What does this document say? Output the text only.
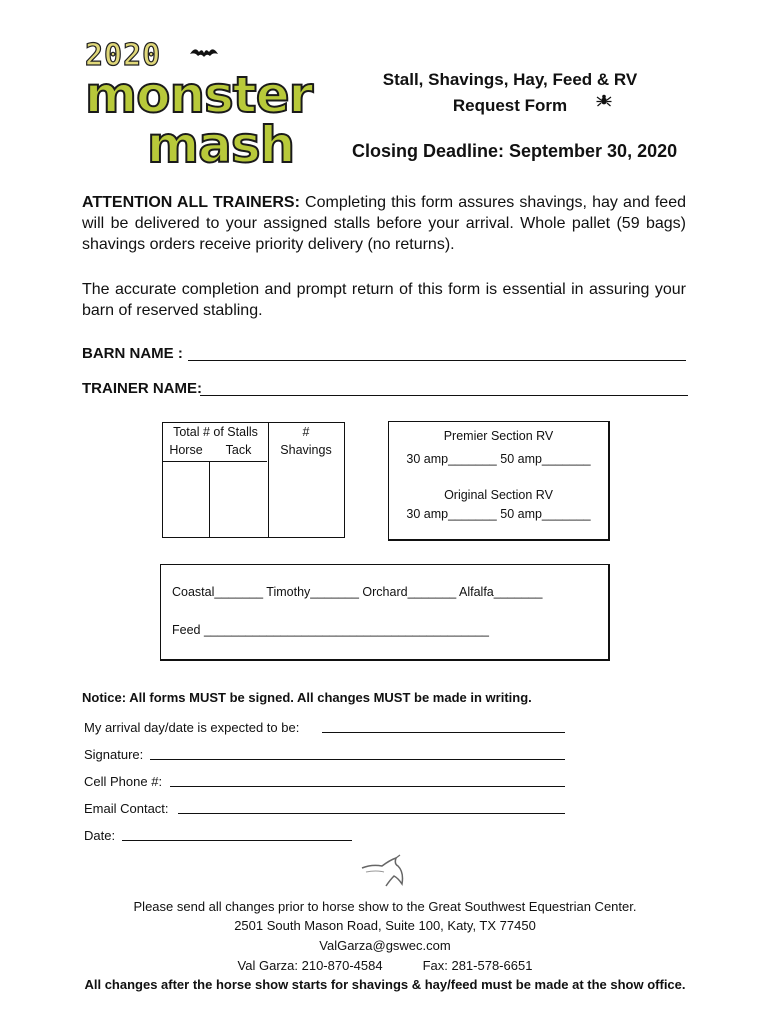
2020
monster
mash
Stall, Shavings, Hay, Feed & RV
Request Form
Closing Deadline: September 30, 2020
ATTENTION ALL TRAINERS: Completing this form assures shavings, hay and feed will be delivered to your assigned stalls before your arrival. Whole pallet (59 bags) shavings orders receive priority delivery (no returns).
The accurate completion and prompt return of this form is essential in assuring your barn of reserved stabling.
BARN NAME :
TRAINER NAME:
Total # of Stalls
Horse	Tack
#
Shavings
Premier Section RV
30 amp_______ 50 amp_______
Original Section RV
30 amp_______ 50 amp_______
Coastal_______ Timothy_______ Orchard_______ Alfalfa_______
Feed _________________________________________
Notice: All forms MUST be signed. All changes MUST be made in writing.
My arrival day/date is expected to be:
Signature:
Cell Phone #:
Email Contact:
Date:
Please send all changes prior to horse show to the Great Southwest Equestrian Center.
2501 South Mason Road, Suite 100, Katy, TX 77450
ValGarza@gswec.com
Val Garza: 210-870-4584	Fax: 281-578-6651
All changes after the horse show starts for shavings & hay/feed must be made at the show office.
